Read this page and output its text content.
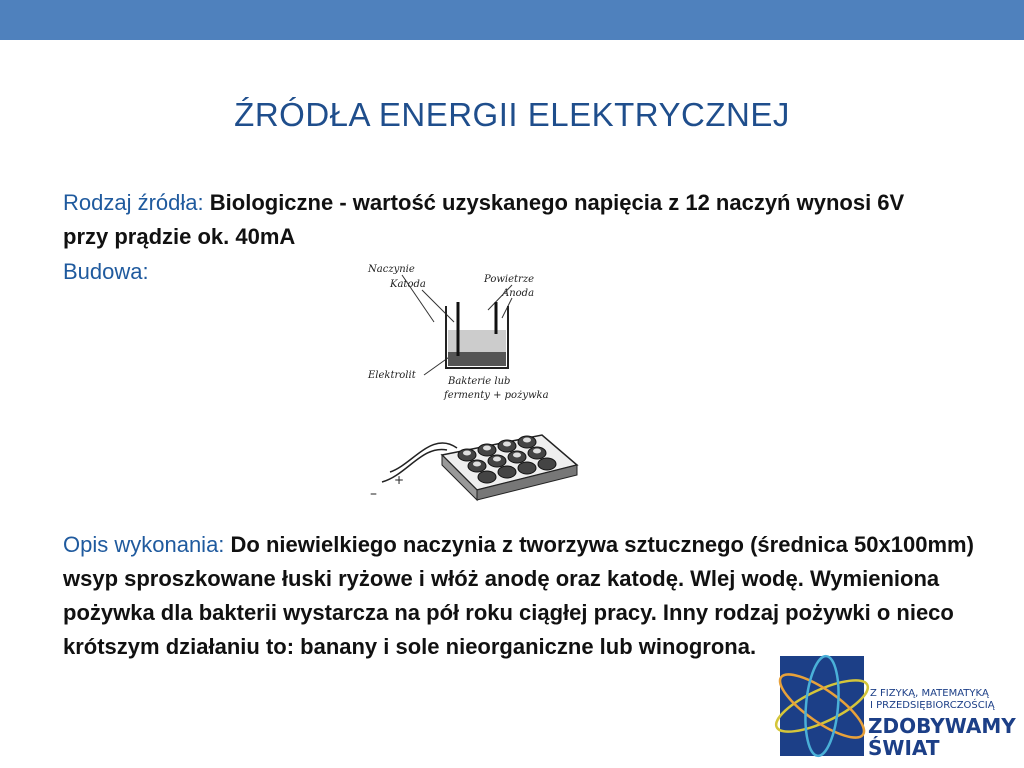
ŹRÓDŁA ENERGII ELEKTRYCZNEJ
Rodzaj źródła: Biologiczne - wartość uzyskanego napięcia z 12 naczyń wynosi 6V przy prądzie ok. 40mA
Budowa:	Naczynie
Katoda	Powietrze
Anoda
Elektrolit
Bakterie lub
fermenty + pożywka
–
+
Opis wykonania: Do niewielkiego naczynia z tworzywa sztucznego (średnica 50x100mm) wsyp sproszkowane łuski ryżowe i włóż anodę oraz katodę. Wlej wodę. Wymieniona pożywka dla bakterii wystarcza na pół roku ciągłej pracy. Inny rodzaj pożywki o nieco krótszym działaniu to: banany i sole nieorganiczne lub winogrona.
Z FIZYKĄ, MATEMATYKĄ
I PRZEDSIĘBIORCZOŚCIĄ
ZDOBYWAMY
ŚWIAT
